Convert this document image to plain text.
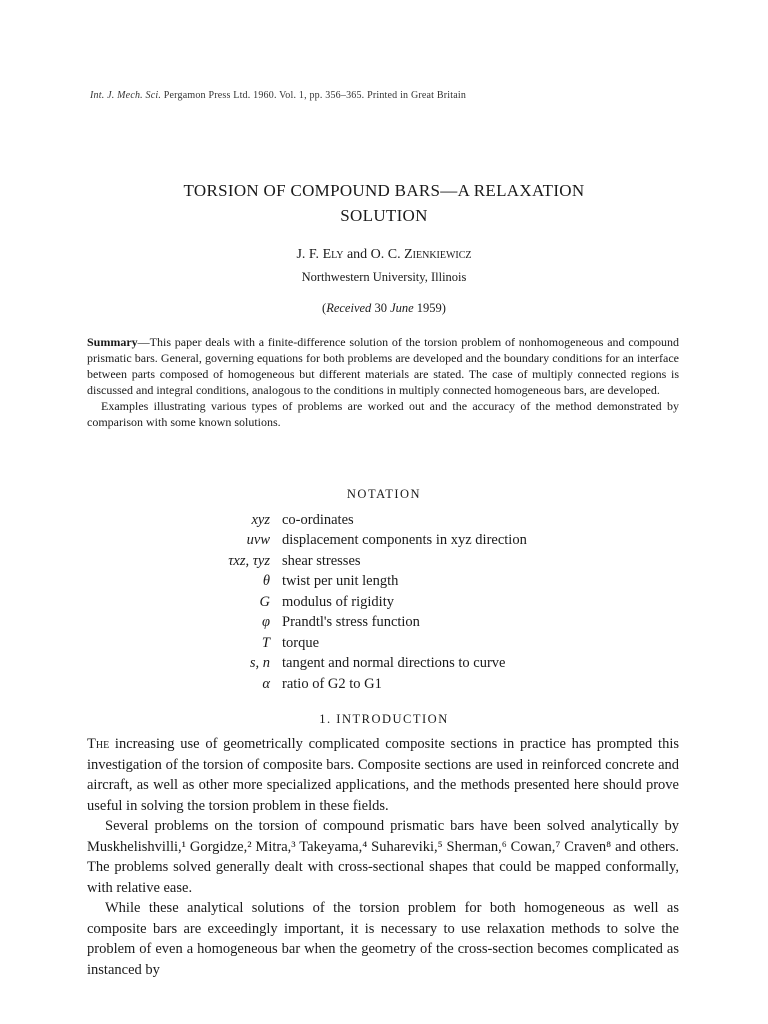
Int. J. Mech. Sci. Pergamon Press Ltd. 1960. Vol. 1, pp. 356–365. Printed in Great Britain
TORSION OF COMPOUND BARS—A RELAXATION
SOLUTION
J. F. Ely and O. C. Zienkiewicz
Northwestern University, Illinois
(Received 30 June 1959)

Summary—This paper deals with a finite-difference solution of the torsion problem of nonhomogeneous and compound prismatic bars. General, governing equations for both problems are developed and the boundary conditions for an interface between parts composed of homogeneous but different materials are stated. The case of multiply connected regions is discussed and integral conditions, analogous to the conditions in multiply connected homogeneous bars, are developed.

Examples illustrating various types of problems are worked out and the accuracy of the method demonstrated by comparison with some known solutions.

NOTATION
xyz	co-ordinates
uvw	displacement components in xyz direction
τxz, τyz	shear stresses
θ	twist per unit length
G	modulus of rigidity
φ	Prandtl's stress function
T	torque
s, n	tangent and normal directions to curve
α	ratio of G2 to G1
1. INTRODUCTION

The increasing use of geometrically complicated composite sections in practice has prompted this investigation of the torsion of composite bars. Composite sections are used in reinforced concrete and aircraft, as well as other more specialized applications, and the methods presented here should prove useful in solving the torsion problem in these fields.

Several problems on the torsion of compound prismatic bars have been solved analytically by Muskhelishvilli,¹ Gorgidze,² Mitra,³ Takeyama,⁴ Suhareviki,⁵ Sherman,⁶ Cowan,⁷ Craven⁸ and others. The problems solved generally dealt with cross-sectional shapes that could be mapped conformally, with relative ease.

While these analytical solutions of the torsion problem for both homogeneous as well as composite bars are exceedingly important, it is necessary to use relaxation methods to solve the problem of even a homogeneous bar when the geometry of the cross-section becomes complicated as instanced by
